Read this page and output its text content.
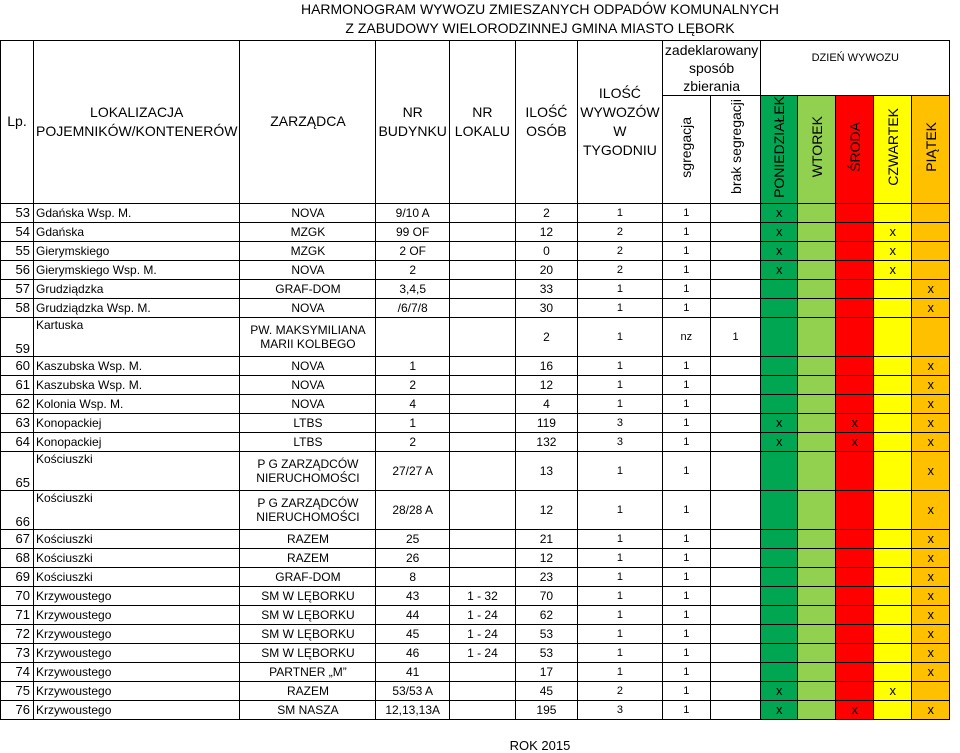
HARMONOGRAM WYWOZU ZMIESZANYCH ODPADÓW KOMUNALNYCH
Z ZABUDOWY WIELORODZINNEJ GMINA MIASTO LĘBORK
Lp.	LOKALIZACJA POJEMNIKÓW/KONTENERÓW	ZARZĄDCA	NR BUDYNKU	NR LOKALU	ILOŚĆ OSÓB	ILOŚĆ WYWOZÓW W TYGODNIU	zadeklarowany sposób zbierania		DZIEŃ WYWOZU				
							sgregacja	brak segregacji	PONIEDZIAŁEK	WTOREK	ŚRODA	CZWARTEK	PIĄTEK
53	Gdańska Wsp. M.	NOVA	9/10 A		2	1	1		x				
54	Gdańska	MZGK	99 OF		12	2	1		x			x	
55	Gierymskiego	MZGK	2 OF		0	2	1		x			x	
56	Gierymskiego Wsp. M.	NOVA	2		20	2	1		x			x	
57	Grudziądzka	GRAF-DOM	3,4,5		33	1	1						x
58	Grudziądzka Wsp. M.	NOVA	/6/7/8		30	1	1						x
59	Kartuska	PW. MAKSYMILIANA MARII KOLBEGO			2	1	nz	1					
60	Kaszubska Wsp. M.	NOVA	1		16	1	1						x
61	Kaszubska Wsp. M.	NOVA	2		12	1	1						x
62	Kolonia Wsp. M.	NOVA	4		4	1	1						x
63	Konopackiej	LTBS	1		119	3	1		x		x		x
64	Konopackiej	LTBS	2		132	3	1		x		x		x
65	Kościuszki	P G ZARZĄDCÓW NIERUCHOMOŚCI	27/27 A		13	1	1						x
66	Kościuszki	P G ZARZĄDCÓW NIERUCHOMOŚCI	28/28 A		12	1	1						x
67	Kościuszki	RAZEM	25		21	1	1						x
68	Kościuszki	RAZEM	26		12	1	1						x
69	Kościuszki	GRAF-DOM	8		23	1	1						x
70	Krzywoustego	SM W LĘBORKU	43	1 - 32	70	1	1						x
71	Krzywoustego	SM W LĘBORKU	44	1 - 24	62	1	1						x
72	Krzywoustego	SM W LĘBORKU	45	1 - 24	53	1	1						x
73	Krzywoustego	SM W LĘBORKU	46	1 - 24	53	1	1						x
74	Krzywoustego	PARTNER „M”	41		17	1	1						x
75	Krzywoustego	RAZEM	53/53 A		45	2	1		x			x	
76	Krzywoustego	SM NASZA	12,13,13A		195	3	1		x		x		x
ROK 2015
